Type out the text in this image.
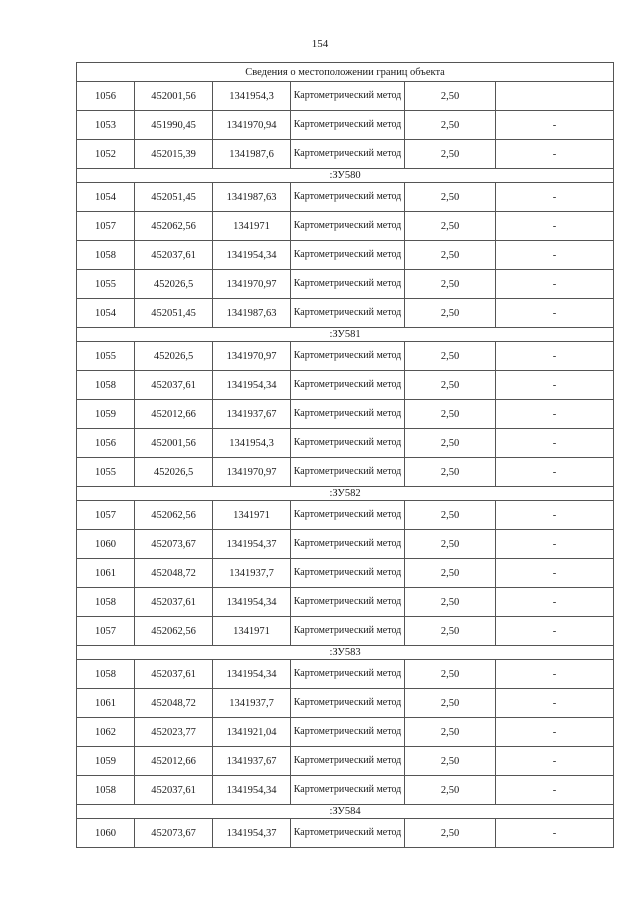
154
Сведения о местоположении границ объекта					
1056	452001,56	1341954,3	Картометрический метод	2,50	
1053	451990,45	1341970,94	Картометрический метод	2,50	-
1052	452015,39	1341987,6	Картометрический метод	2,50	-
:ЗУ580					
1054	452051,45	1341987,63	Картометрический метод	2,50	-
1057	452062,56	1341971	Картометрический метод	2,50	-
1058	452037,61	1341954,34	Картометрический метод	2,50	-
1055	452026,5	1341970,97	Картометрический метод	2,50	-
1054	452051,45	1341987,63	Картометрический метод	2,50	-
:ЗУ581					
1055	452026,5	1341970,97	Картометрический метод	2,50	-
1058	452037,61	1341954,34	Картометрический метод	2,50	-
1059	452012,66	1341937,67	Картометрический метод	2,50	-
1056	452001,56	1341954,3	Картометрический метод	2,50	-
1055	452026,5	1341970,97	Картометрический метод	2,50	-
:ЗУ582					
1057	452062,56	1341971	Картометрический метод	2,50	-
1060	452073,67	1341954,37	Картометрический метод	2,50	-
1061	452048,72	1341937,7	Картометрический метод	2,50	-
1058	452037,61	1341954,34	Картометрический метод	2,50	-
1057	452062,56	1341971	Картометрический метод	2,50	-
:ЗУ583					
1058	452037,61	1341954,34	Картометрический метод	2,50	-
1061	452048,72	1341937,7	Картометрический метод	2,50	-
1062	452023,77	1341921,04	Картометрический метод	2,50	-
1059	452012,66	1341937,67	Картометрический метод	2,50	-
1058	452037,61	1341954,34	Картометрический метод	2,50	-
:ЗУ584					
1060	452073,67	1341954,37	Картометрический метод	2,50	-
